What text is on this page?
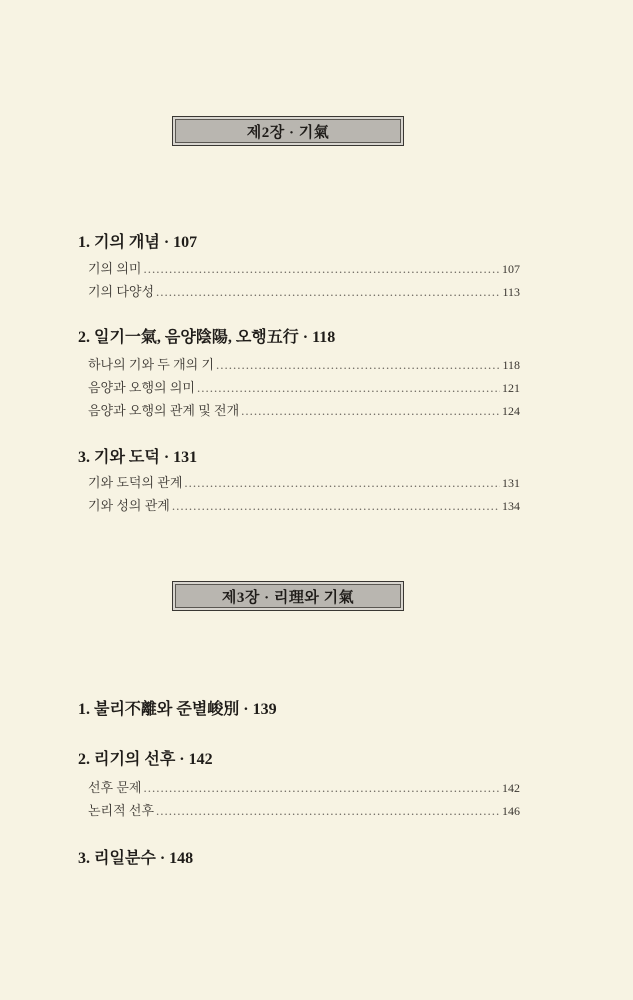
제2장 · 기氣
1. 기의 개념 · 107
기의 의미 .....	107
기의 다양성 .....	113
2. 일기一氣, 음양陰陽, 오행五行 · 118
하나의 기와 두 개의 기 .....	118
음양과 오행의 의미 .....	121
음양과 오행의 관계 및 전개 .....	124
3. 기와 도덕 · 131
기와 도덕의 관계 .....	131
기와 성의 관계 .....	134
제3장 · 리理와 기氣
1. 불리不離와 준별峻別 · 139
2. 리기의 선후 · 142
선후 문제 .....	142
논리적 선후 .....	146
3. 리일분수 · 148
